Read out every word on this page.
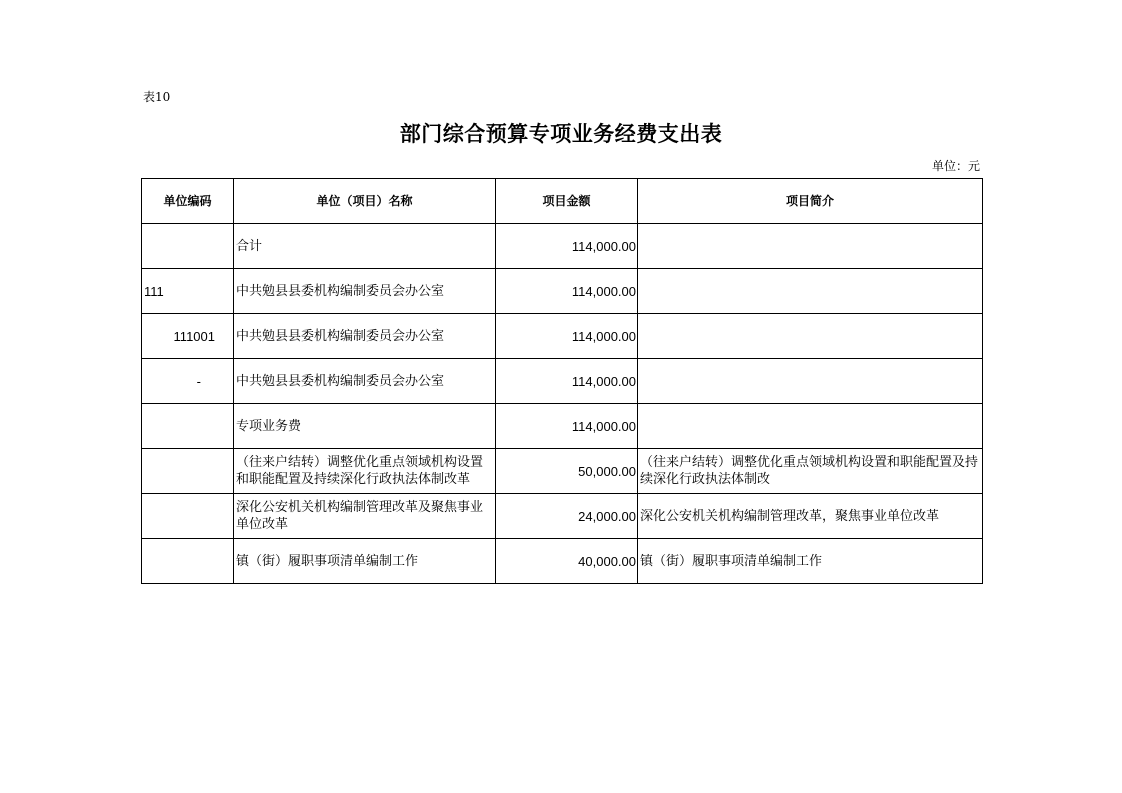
表10
部门综合预算专项业务经费支出表
单位：元
单位编码	单位（项目）名称	项目金额	项目简介
	合计	114,000.00	
111	中共勉县县委机构编制委员会办公室	114,000.00	
111001	中共勉县县委机构编制委员会办公室	114,000.00	
-	中共勉县县委机构编制委员会办公室	114,000.00	
	专项业务费	114,000.00	
	（往来户结转）调整优化重点领域机构设置和职能配置及持续深化行政执法体制改革	50,000.00	（往来户结转）调整优化重点领域机构设置和职能配置及持续深化行政执法体制改
	深化公安机关机构编制管理改革及聚焦事业单位改革	24,000.00	深化公安机关机构编制管理改革，聚焦事业单位改革
	镇（街）履职事项清单编制工作	40,000.00	镇（街）履职事项清单编制工作
